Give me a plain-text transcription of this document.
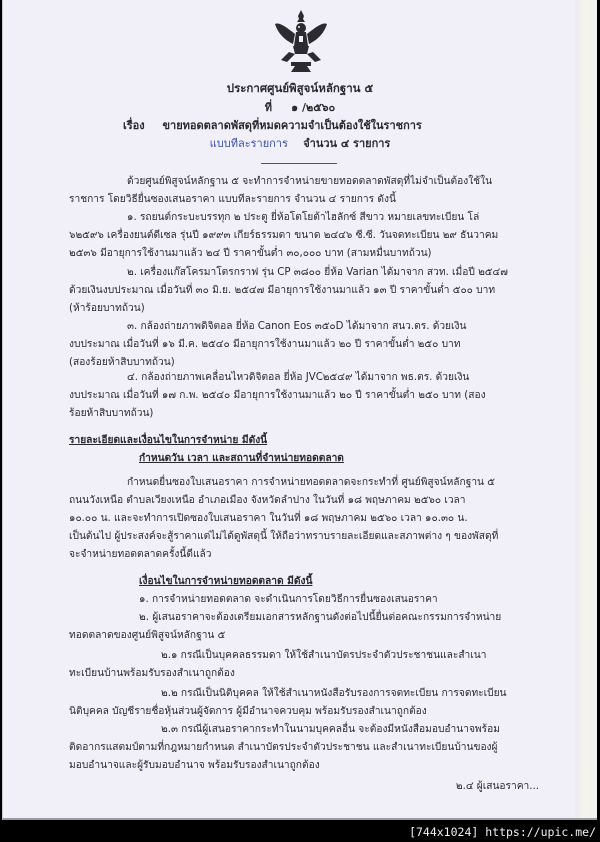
ประกาศศูนย์พิสูจน์หลักฐาน ๕
ที่ ๑ /๒๕๖๐
เรื่อง ขายทอดตลาดพัสดุที่หมดความจำเป็นต้องใช้ในราชการ
แบบทีละรายการ จำนวน ๔ รายการ
ด้วยศูนย์พิสูจน์หลักฐาน ๕ จะทำการจำหน่ายขายทอดตลาดพัสดุที่ไม่จำเป็นต้องใช้ใน
ราชการ โดยวิธียื่นซองเสนอราคา แบบทีละรายการ จำนวน ๔ รายการ ดังนี้
๑. รถยนต์กระบะบรรทุก ๒ ประตู ยี่ห้อโตโยต้าไฮลักซ์ สีขาว หมายเลขทะเบียน โล่
๖๒๕๙๖ เครื่องยนต์ดีเซล รุ่นปี ๑๙๙๓ เกียร์ธรรมดา ขนาด ๒๔๔๖ ซี.ซี. วันจดทะเบียน ๒๙ ธันวาคม
๒๕๓๖ มีอายุการใช้งานมาแล้ว ๒๔ ปี ราคาขั้นต่ำ ๓๐,๐๐๐ บาท (สามหมื่นบาทถ้วน)
๒. เครื่องแก๊สโครมาโตรกราฟ รุ่น CP ๓๘๐๐ ยี่ห้อ Varian ได้มาจาก สวท. เมื่อปี ๒๕๔๗
ด้วยเงินงบประมาณ เมื่อวันที่ ๓๐ มิ.ย. ๒๕๔๗ มีอายุการใช้งานมาแล้ว ๑๓ ปี ราคาขั้นต่ำ ๕๐๐ บาท
(ห้าร้อยบาทถ้วน)
๓. กล้องถ่ายภาพดิจิตอล ยี่ห้อ Canon Eos ๓๕๐D ได้มาจาก สนว.ตร. ด้วยเงิน
งบประมาณ เมื่อวันที่ ๑๖ มี.ค. ๒๕๔๐ มีอายุการใช้งานมาแล้ว ๒๐ ปี ราคาขั้นต่ำ ๒๕๐ บาท
(สองร้อยห้าสิบบาทถ้วน)
๔. กล้องถ่ายภาพเคลื่อนไหวดิจิตอล ยี่ห้อ JVC๒๕๔๙ ได้มาจาก พธ.ตร. ด้วยเงิน
งบประมาณ เมื่อวันที่ ๑๗ ก.พ. ๒๕๔๐ มีอายุการใช้งานมาแล้ว ๒๐ ปี ราคาขั้นต่ำ ๒๕๐ บาท (สอง
ร้อยห้าสิบบาทถ้วน)
รายละเอียดและเงื่อนไขในการจำหน่าย มีดังนี้
กำหนดวัน เวลา และสถานที่จำหน่ายทอดตลาด
กำหนดยื่นซองใบเสนอราคา การจำหน่ายทอดตลาดจะกระทำที่ ศูนย์พิสูจน์หลักฐาน ๕
ถนนวังเหนือ ตำบลเวียงเหนือ อำเภอเมือง จังหวัดลำปาง ในวันที่ ๑๘ พฤษภาคม ๒๕๖๐ เวลา
๑๐.๐๐ น. และจะทำการเปิดซองใบเสนอราคา ในวันที่ ๑๘ พฤษภาคม ๒๕๖๐ เวลา ๑๐.๓๐ น.
เป็นต้นไป ผู้ประสงค์จะสู้ราคาแต่ไม่ได้ดูพัสดุนี้ ให้ถือว่าทราบรายละเอียดและสภาพต่าง ๆ ของพัสดุที่
จะจำหน่ายทอดตลาดครั้งนี้ดีแล้ว
เงื่อนไขในการจำหน่ายทอดตลาด มีดังนี้
๑. การจำหน่ายทอดตลาด จะดำเนินการโดยวิธีการยื่นซองเสนอราคา
๒. ผู้เสนอราคาจะต้องเตรียมเอกสารหลักฐานดังต่อไปนี้ยื่นต่อคณะกรรมการจำหน่าย
ทอดตลาดของศูนย์พิสูจน์หลักฐาน ๕
๒.๑ กรณีเป็นบุคคลธรรมดา ให้ใช้สำเนาบัตรประจำตัวประชาชนและสำเนา
ทะเบียนบ้านพร้อมรับรองสำเนาถูกต้อง
๒.๒ กรณีเป็นนิติบุคคล ให้ใช้สำเนาหนังสือรับรองการจดทะเบียน การจดทะเบียน
นิติบุคคล บัญชีรายชื่อหุ้นส่วนผู้จัดการ ผู้มีอำนาจควบคุม พร้อมรับรองสำเนาถูกต้อง
๒.๓ กรณีผู้เสนอราคากระทำในนามบุคคลอื่น จะต้องมีหนังสือมอบอำนาจพร้อม
ติดอากรแสตมป์ตามที่กฎหมายกำหนด สำเนาบัตรประจำตัวประชาชน และสำเนาทะเบียนบ้านของผู้
มอบอำนาจและผู้รับมอบอำนาจ พร้อมรับรองสำเนาถูกต้อง
๒.๔ ผู้เสนอราคา...
[744x1024] https://upic.me/
